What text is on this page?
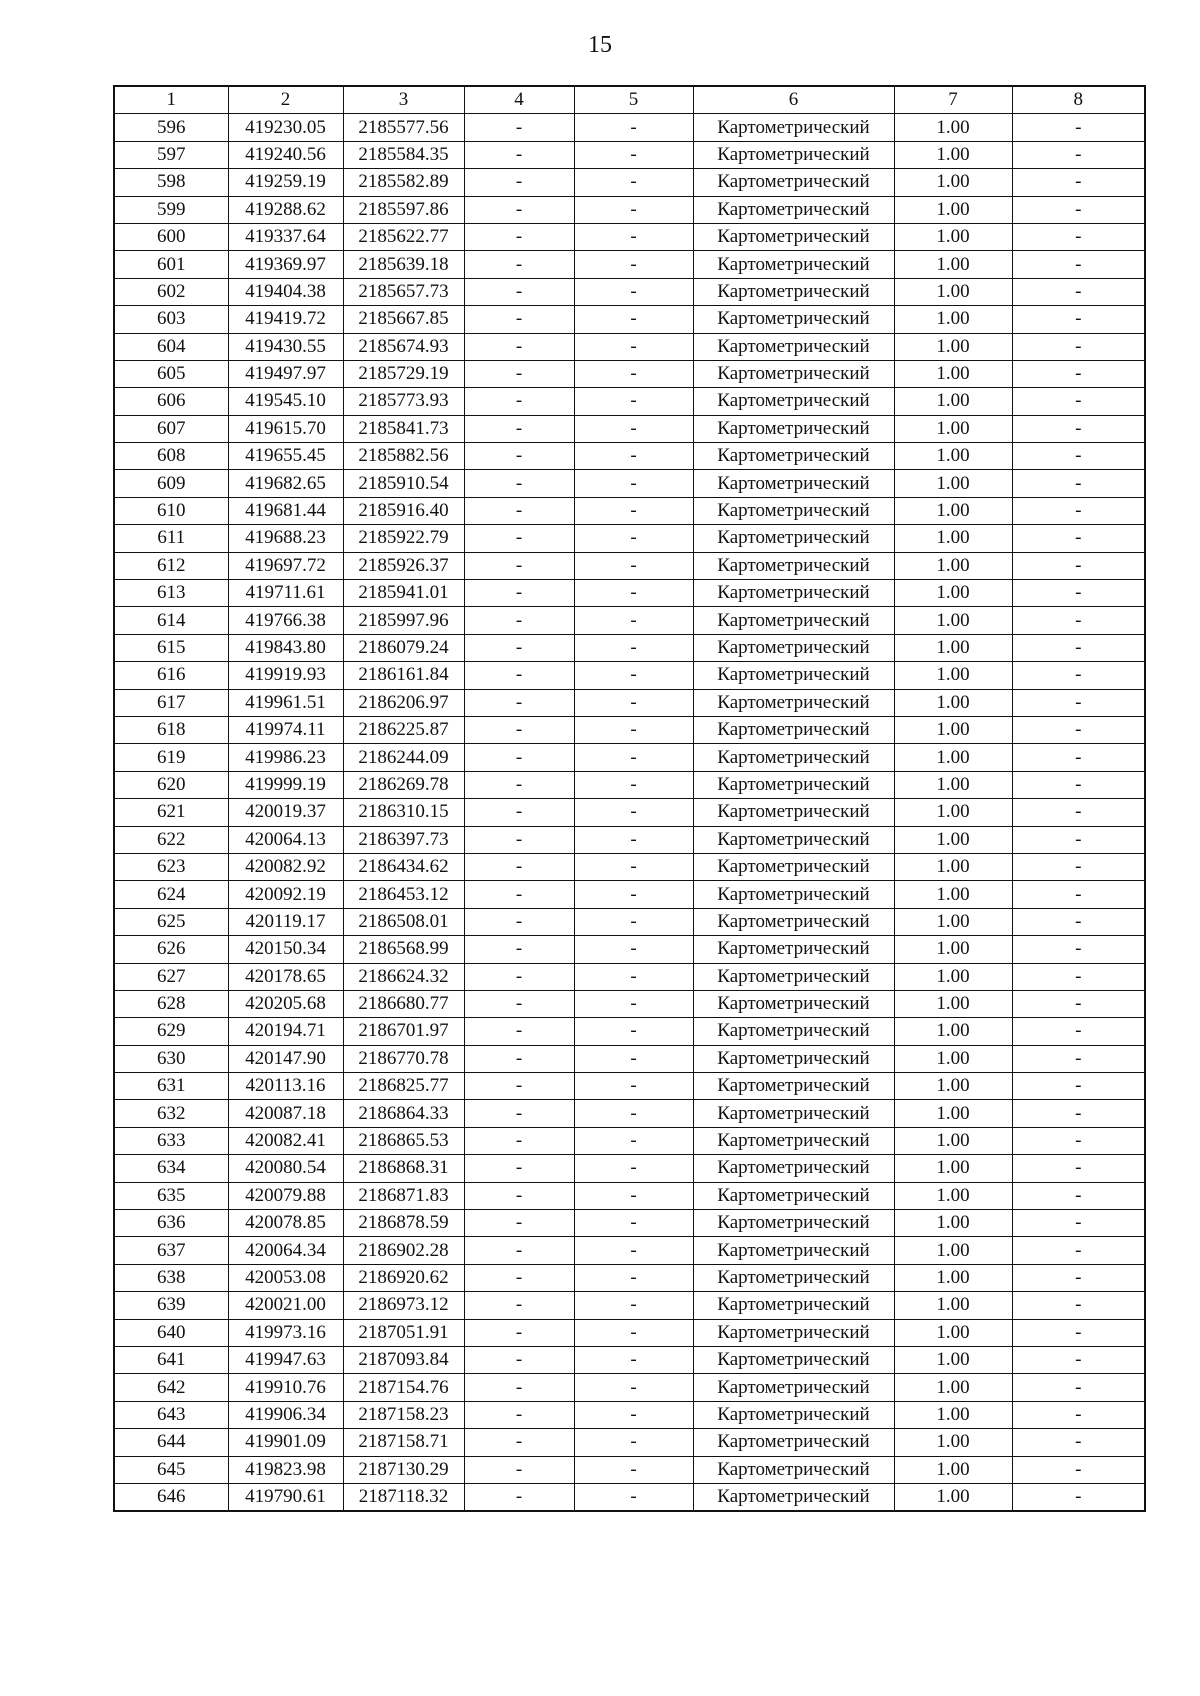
15
1	2	3	4	5	6	7	8
596	419230.05	2185577.56	-	-	Картометрический	1.00	-
597	419240.56	2185584.35	-	-	Картометрический	1.00	-
598	419259.19	2185582.89	-	-	Картометрический	1.00	-
599	419288.62	2185597.86	-	-	Картометрический	1.00	-
600	419337.64	2185622.77	-	-	Картометрический	1.00	-
601	419369.97	2185639.18	-	-	Картометрический	1.00	-
602	419404.38	2185657.73	-	-	Картометрический	1.00	-
603	419419.72	2185667.85	-	-	Картометрический	1.00	-
604	419430.55	2185674.93	-	-	Картометрический	1.00	-
605	419497.97	2185729.19	-	-	Картометрический	1.00	-
606	419545.10	2185773.93	-	-	Картометрический	1.00	-
607	419615.70	2185841.73	-	-	Картометрический	1.00	-
608	419655.45	2185882.56	-	-	Картометрический	1.00	-
609	419682.65	2185910.54	-	-	Картометрический	1.00	-
610	419681.44	2185916.40	-	-	Картометрический	1.00	-
611	419688.23	2185922.79	-	-	Картометрический	1.00	-
612	419697.72	2185926.37	-	-	Картометрический	1.00	-
613	419711.61	2185941.01	-	-	Картометрический	1.00	-
614	419766.38	2185997.96	-	-	Картометрический	1.00	-
615	419843.80	2186079.24	-	-	Картометрический	1.00	-
616	419919.93	2186161.84	-	-	Картометрический	1.00	-
617	419961.51	2186206.97	-	-	Картометрический	1.00	-
618	419974.11	2186225.87	-	-	Картометрический	1.00	-
619	419986.23	2186244.09	-	-	Картометрический	1.00	-
620	419999.19	2186269.78	-	-	Картометрический	1.00	-
621	420019.37	2186310.15	-	-	Картометрический	1.00	-
622	420064.13	2186397.73	-	-	Картометрический	1.00	-
623	420082.92	2186434.62	-	-	Картометрический	1.00	-
624	420092.19	2186453.12	-	-	Картометрический	1.00	-
625	420119.17	2186508.01	-	-	Картометрический	1.00	-
626	420150.34	2186568.99	-	-	Картометрический	1.00	-
627	420178.65	2186624.32	-	-	Картометрический	1.00	-
628	420205.68	2186680.77	-	-	Картометрический	1.00	-
629	420194.71	2186701.97	-	-	Картометрический	1.00	-
630	420147.90	2186770.78	-	-	Картометрический	1.00	-
631	420113.16	2186825.77	-	-	Картометрический	1.00	-
632	420087.18	2186864.33	-	-	Картометрический	1.00	-
633	420082.41	2186865.53	-	-	Картометрический	1.00	-
634	420080.54	2186868.31	-	-	Картометрический	1.00	-
635	420079.88	2186871.83	-	-	Картометрический	1.00	-
636	420078.85	2186878.59	-	-	Картометрический	1.00	-
637	420064.34	2186902.28	-	-	Картометрический	1.00	-
638	420053.08	2186920.62	-	-	Картометрический	1.00	-
639	420021.00	2186973.12	-	-	Картометрический	1.00	-
640	419973.16	2187051.91	-	-	Картометрический	1.00	-
641	419947.63	2187093.84	-	-	Картометрический	1.00	-
642	419910.76	2187154.76	-	-	Картометрический	1.00	-
643	419906.34	2187158.23	-	-	Картометрический	1.00	-
644	419901.09	2187158.71	-	-	Картометрический	1.00	-
645	419823.98	2187130.29	-	-	Картометрический	1.00	-
646	419790.61	2187118.32	-	-	Картометрический	1.00	-
